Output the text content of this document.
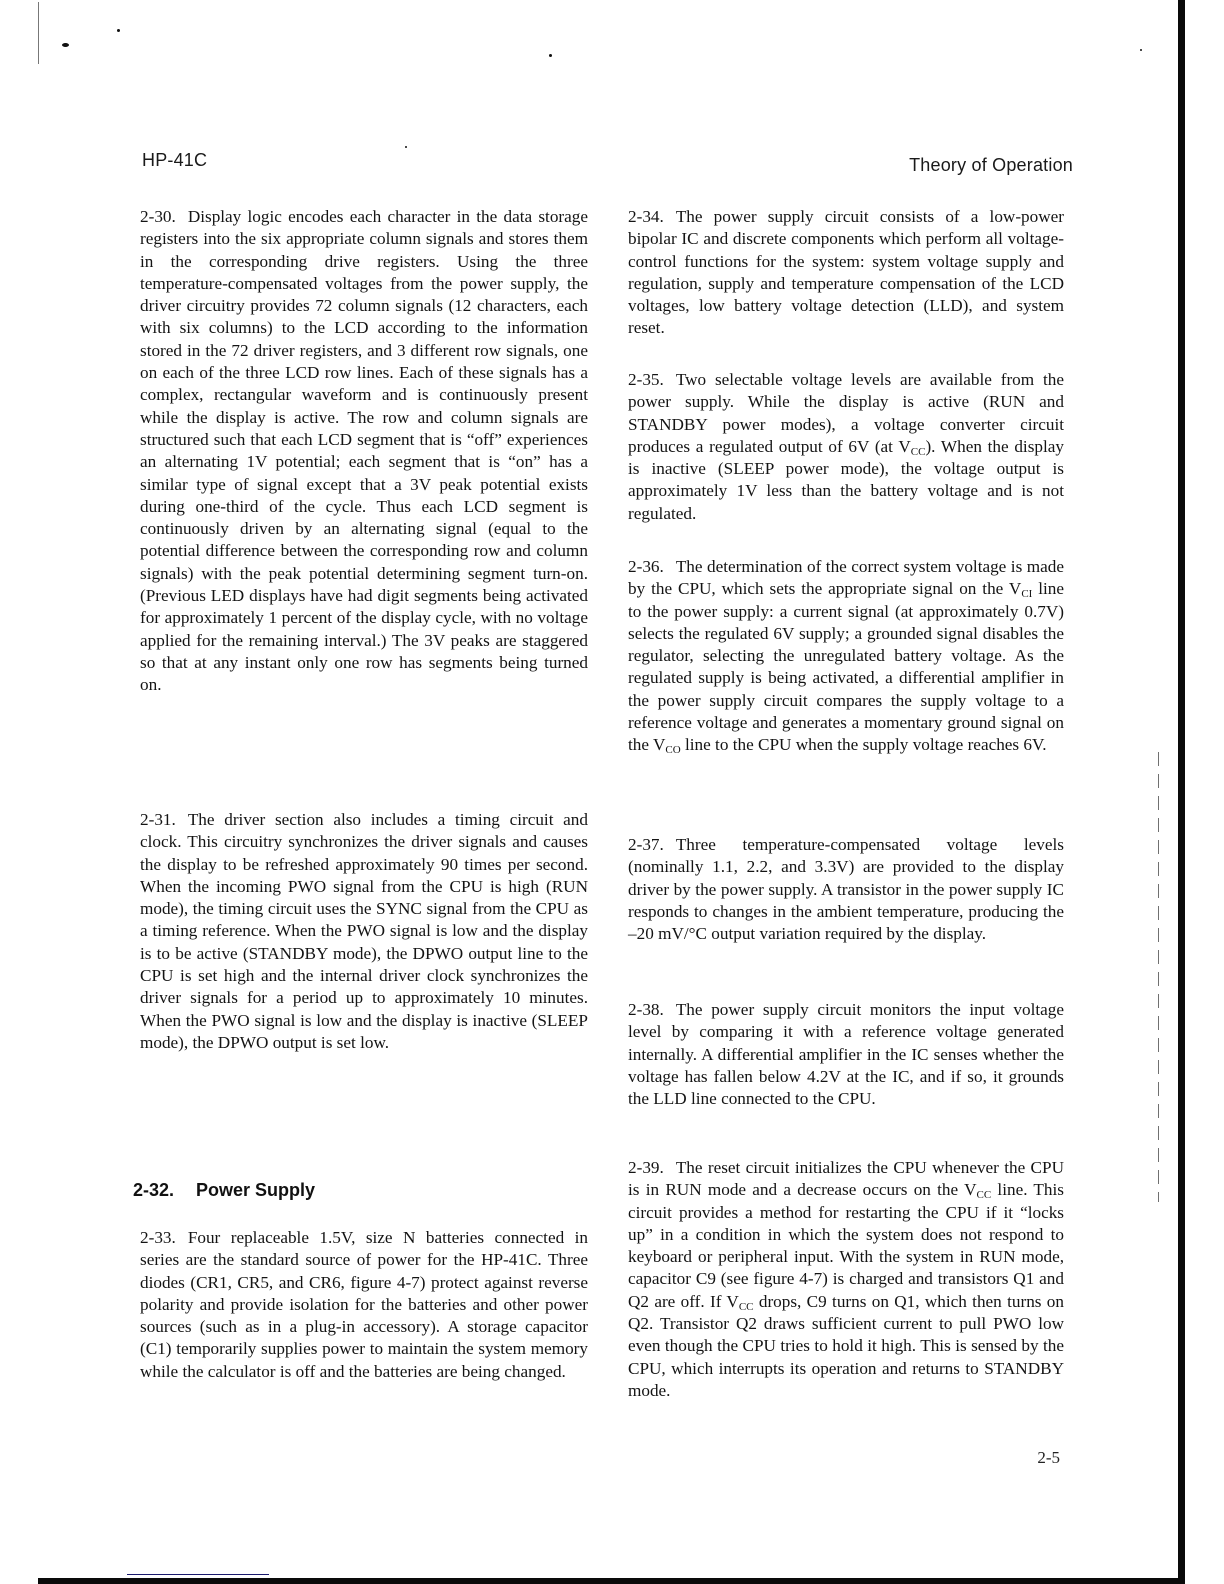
HP-41C	Theory of Operation

2-30. Display logic encodes each character in the data storage registers into the six appropriate column signals and stores them in the corresponding drive registers. Using the three temperature-compensated voltages from the power supply, the driver circuitry provides 72 column signals (12 characters, each with six columns) to the LCD according to the information stored in the 72 driver registers, and 3 different row signals, one on each of the three LCD row lines. Each of these signals has a complex, rectangular waveform and is continuously present while the display is active. The row and column signals are structured such that each LCD segment that is “off” experiences an alternating 1V potential; each segment that is “on” has a similar type of signal except that a 3V peak potential exists during one-third of the cycle. Thus each LCD segment is continuously driven by an alternating signal (equal to the potential difference between the corresponding row and column signals) with the peak potential determining segment turn-on. (Previous LED displays have had digit segments being activated for approximately 1 percent of the display cycle, with no voltage applied for the remaining interval.) The 3V peaks are staggered so that at any instant only one row has segments being turned on.

2-31. The driver section also includes a timing circuit and clock. This circuitry synchronizes the driver signals and causes the display to be refreshed approximately 90 times per second. When the incoming PWO signal from the CPU is high (RUN mode), the timing circuit uses the SYNC signal from the CPU as a timing reference. When the PWO signal is low and the display is to be active (STANDBY mode), the DPWO output line to the CPU is set high and the internal driver clock synchronizes the driver signals for a period up to approximately 10 minutes. When the PWO signal is low and the display is inactive (SLEEP mode), the DPWO output is set low.

2-32. Power Supply

2-33. Four replaceable 1.5V, size N batteries connected in series are the standard source of power for the HP-41C. Three diodes (CR1, CR5, and CR6, figure 4-7) protect against reverse polarity and provide isolation for the batteries and other power sources (such as in a plug-in accessory). A storage capacitor (C1) temporarily supplies power to maintain the system memory while the calculator is off and the batteries are being changed.

2-34. The power supply circuit consists of a low-power bipolar IC and discrete components which perform all voltage-control functions for the system: system voltage supply and regulation, supply and temperature compensation of the LCD voltages, low battery voltage detection (LLD), and system reset.

2-35. Two selectable voltage levels are available from the power supply. While the display is active (RUN and STANDBY power modes), a voltage converter circuit produces a regulated output of 6V (at $V_{CC}$). When the display is inactive (SLEEP power mode), the voltage output is approximately 1V less than the battery voltage and is not regulated.

2-36. The determination of the correct system voltage is made by the CPU, which sets the appropriate signal on the $V_{CI}$ line to the power supply: a current signal (at approximately 0.7V) selects the regulated 6V supply; a grounded signal disables the regulator, selecting the unregulated battery voltage. As the regulated supply is being activated, a differential amplifier in the power supply circuit compares the supply voltage to a reference voltage and generates a momentary ground signal on the $V_{CO}$ line to the CPU when the supply voltage reaches 6V.

2-37. Three temperature-compensated voltage levels (nominally 1.1, 2.2, and 3.3V) are provided to the display driver by the power supply. A transistor in the power supply IC responds to changes in the ambient temperature, producing the –20 mV/°C output variation required by the display.

2-38. The power supply circuit monitors the input voltage level by comparing it with a reference voltage generated internally. A differential amplifier in the IC senses whether the voltage has fallen below 4.2V at the IC, and if so, it grounds the LLD line connected to the CPU.

2-39. The reset circuit initializes the CPU whenever the CPU is in RUN mode and a decrease occurs on the $V_{CC}$ line. This circuit provides a method for restarting the CPU if it “locks up” in a condition in which the system does not respond to keyboard or peripheral input. With the system in RUN mode, capacitor C9 (see figure 4-7) is charged and transistors Q1 and Q2 are off. If $V_{CC}$ drops, C9 turns on Q1, which then turns on Q2. Transistor Q2 draws sufficient current to pull PWO low even though the CPU tries to hold it high. This is sensed by the CPU, which interrupts its operation and returns to STANDBY mode.

2-5
